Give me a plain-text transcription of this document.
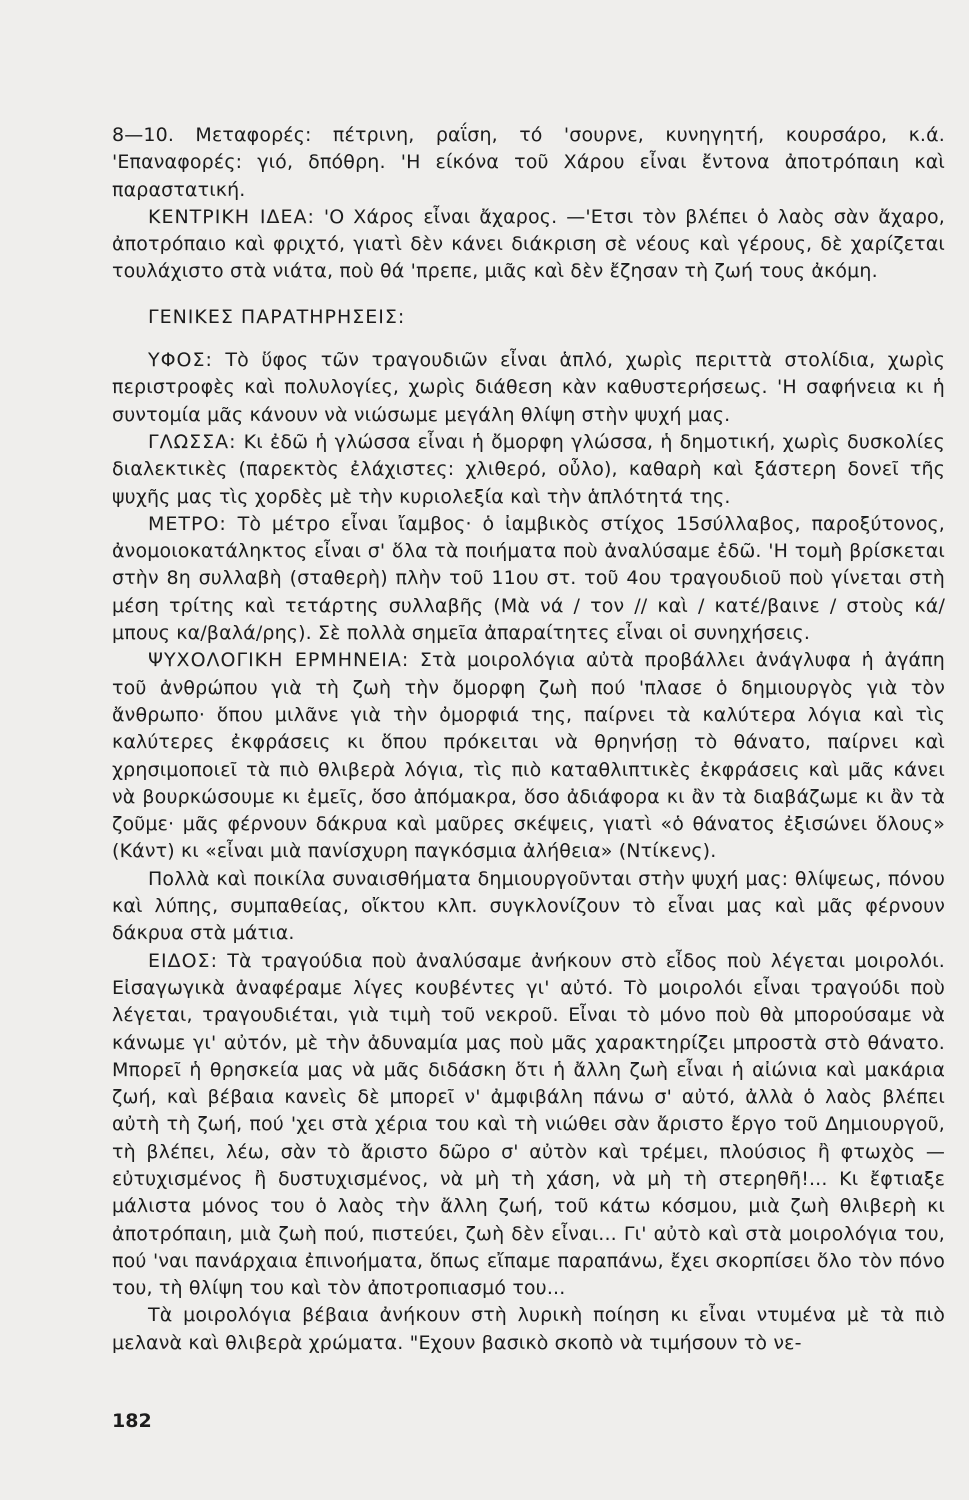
8—10. Μεταφορές: πέτρινη, ραΐση, τό 'σουρνε, κυνηγητή, κουρσάρο, κ.ά. 'Επαναφορές: γιό, δπόθρη. 'Η είκόνα τοῦ Χάρου εἶναι ἔντονα ἀποτρόπαιη καὶ παραστατική.

ΚΕΝΤΡΙΚΗ ΙΔΕΑ: 'Ο Χάρος εἶναι ἄχαρος. —'Ετσι τὸν βλέπει ὁ λαὸς σὰν ἄχαρο, ἀποτρόπαιο καὶ φριχτό, γιατὶ δὲν κάνει διάκριση σὲ νέους καὶ γέρους, δὲ χαρίζεται τουλάχιστο στὰ νιάτα, ποὺ θά 'πρεπε, μιᾶς καὶ δὲν ἔζησαν τὴ ζωή τους ἀκόμη.

ΓΕΝΙΚΕΣ ΠΑΡΑΤΗΡΗΣΕΙΣ:

ΥΦΟΣ: Τὸ ὕφος τῶν τραγουδιῶν εἶναι ἁπλό, χωρὶς περιττὰ στολίδια, χωρὶς περιστροφὲς καὶ πολυλογίες, χωρὶς διάθεση κὰν καθυστερήσεως. 'Η σαφήνεια κι ἡ συντομία μᾶς κάνουν νὰ νιώσωμε μεγάλη θλίψη στὴν ψυχή μας.

ΓΛΩΣΣΑ: Κι ἐδῶ ἡ γλώσσα εἶναι ἡ ὄμορφη γλώσσα, ἡ δημοτική, χωρὶς δυσκολίες διαλεκτικὲς (παρεκτὸς ἐλάχιστες: χλιθερό, οὖλο), καθαρὴ καὶ ξάστερη δονεῖ τῆς ψυχῆς μας τὶς χορδὲς μὲ τὴν κυριολεξία καὶ τὴν ἁπλότητά της.

ΜΕΤΡΟ: Τὸ μέτρο εἶναι ἴαμβος· ὁ ἰαμβικὸς στίχος 15σύλλαβος, παροξύτονος, ἀνομοιοκατάληκτος εἶναι σ' ὅλα τὰ ποιήματα ποὺ ἀναλύσαμε ἐδῶ. 'Η τομὴ βρίσκεται στὴν 8η συλλαβὴ (σταθερὴ) πλὴν τοῦ 11ου στ. τοῦ 4ου τραγουδιοῦ ποὺ γίνεται στὴ μέση τρίτης καὶ τετάρτης συλλαβῆς (Μὰ νά / τον // καὶ / κατέ/βαινε / στοὺς κά/μπους κα/βαλά/ρης). Σὲ πολλὰ σημεῖα ἀπαραίτητες εἶναι οἱ συνηχήσεις.

ΨΥΧΟΛΟΓΙΚΗ ΕΡΜΗΝΕΙΑ: Στὰ μοιρολόγια αὐτὰ προβάλλει ἀνάγλυφα ἡ ἀγάπη τοῦ ἀνθρώπου γιὰ τὴ ζωὴ τὴν ὄμορφη ζωὴ πού 'πλασε ὁ δημιουργὸς γιὰ τὸν ἄνθρωπο· ὅπου μιλᾶνε γιὰ τὴν ὀμορφιά της, παίρνει τὰ καλύτερα λόγια καὶ τὶς καλύτερες ἐκφράσεις κι ὅπου πρόκειται νὰ θρηνήσῃ τὸ θάνατο, παίρνει καὶ χρησιμοποιεῖ τὰ πιὸ θλιβερὰ λόγια, τὶς πιὸ καταθλιπτικὲς ἐκφράσεις καὶ μᾶς κάνει νὰ βουρκώσουμε κι ἐμεῖς, ὅσο ἀπόμακρα, ὅσο ἀδιάφορα κι ἂν τὰ διαβάζωμε κι ἂν τὰ ζοῦμε· μᾶς φέρνουν δάκρυα καὶ μαῦρες σκέψεις, γιατὶ «ὁ θάνατος ἐξισώνει ὅλους» (Κάντ) κι «εἶναι μιὰ πανίσχυρη παγκόσμια ἀλήθεια» (Ντίκενς).

Πολλὰ καὶ ποικίλα συναισθήματα δημιουργοῦνται στὴν ψυχή μας: θλίψεως, πόνου καὶ λύπης, συμπαθείας, οἴκτου κλπ. συγκλονίζουν τὸ εἶναι μας καὶ μᾶς φέρνουν δάκρυα στὰ μάτια.

ΕΙΔΟΣ: Τὰ τραγούδια ποὺ ἀναλύσαμε ἀνήκουν στὸ εἶδος ποὺ λέγεται μοιρολόι. Εἰσαγωγικὰ ἀναφέραμε λίγες κουβέντες γι' αὐτό. Τὸ μοιρολόι εἶναι τραγούδι ποὺ λέγεται, τραγουδιέται, γιὰ τιμὴ τοῦ νεκροῦ. Εἶναι τὸ μόνο ποὺ θὰ μπορούσαμε νὰ κάνωμε γι' αὐτόν, μὲ τὴν ἀδυναμία μας ποὺ μᾶς χαρακτηρίζει μπροστὰ στὸ θάνατο. Μπορεῖ ἡ θρησκεία μας νὰ μᾶς διδάσκη ὅτι ἡ ἄλλη ζωὴ εἶναι ἡ αἰώνια καὶ μακάρια ζωή, καὶ βέβαια κανεὶς δὲ μπορεῖ ν' ἀμφιβάλη πάνω σ' αὐτό, ἀλλὰ ὁ λαὸς βλέπει αὐτὴ τὴ ζωή, πού 'χει στὰ χέρια του καὶ τὴ νιώθει σὰν ἄριστο ἔργο τοῦ Δημιουργοῦ, τὴ βλέπει, λέω, σὰν τὸ ἄριστο δῶρο σ' αὐτὸν καὶ τρέμει, πλούσιος ἢ φτωχὸς — εὐτυχισμένος ἢ δυστυχισμένος, νὰ μὴ τὴ χάση, νὰ μὴ τὴ στερηθῆ!... Κι ἔφτιαξε μάλιστα μόνος του ὁ λαὸς τὴν ἄλλη ζωή, τοῦ κάτω κόσμου, μιὰ ζωὴ θλιβερὴ κι ἀποτρόπαιη, μιὰ ζωὴ πού, πιστεύει, ζωὴ δὲν εἶναι... Γι' αὐτὸ καὶ στὰ μοιρολόγια του, πού 'ναι πανάρχαια ἐπινοήματα, ὅπως εἴπαμε παραπάνω, ἔχει σκορπίσει ὅλο τὸν πόνο του, τὴ θλίψη του καὶ τὸν ἀποτροπιασμό του...

Τὰ μοιρολόγια βέβαια ἀνήκουν στὴ λυρικὴ ποίηση κι εἶναι ντυμένα μὲ τὰ πιὸ μελανὰ καὶ θλιβερὰ χρώματα. "Εχουν βασικὸ σκοπὸ νὰ τιμήσουν τὸ νε-

182
